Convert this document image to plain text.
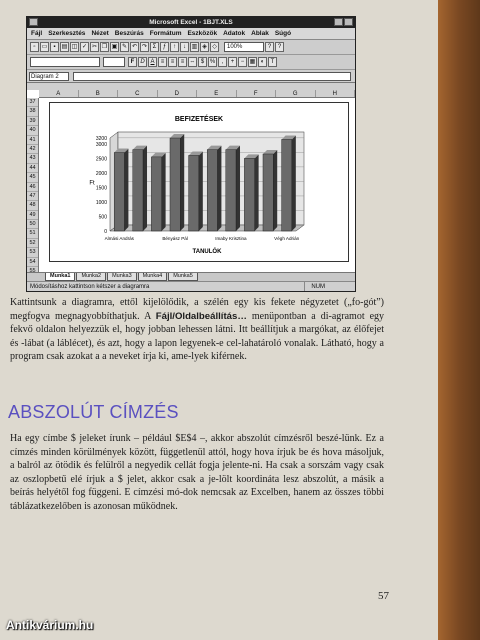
Microsoft Excel - 1BJT.XLS
Fájl Szerkesztés Nézet Beszúrás Formátum Eszközök Adatok Ablak Súgó
▫	▭	▪	▤ ◫ ✓ ✂ ❐ ▣ ✎ ↶ ↷ Σ	ƒ	↑	↓ ▥ ◈ ◇	100%	?	?
F D A	≡	≡	≡ ⇔ $ %	,	+	− ▦ ◐	T
Diagram 2
A	B	C	D	E	F	G	H
37
38
39
40
41
42
43
44
45
46
47
48
49
50
51
52
53
54
BEFIZETÉSEK
0
500
1000
1500
2000
2500
3000
3200
Ft
Almási András	Bényász Pál	Imaby Krisztina	Végh Adrián
TANULÓK
Munka1	Munka2	Munka3	Munka4	Munka5
Módosításhoz kattintson kétszer a diagramra	NUM

Kattintsunk a diagramra, ettől kijelölődik, a szélén egy kis fekete négyzetet („fo-gót”) megfogva megnagyobbíthatjuk. A Fájl/Oldalbeállítás… menüpontban a di-agramot egy fekvő oldalon helyezzük el, hogy jobban lehessen látni. Itt beállítjuk a margókat, az élőfejet és -lábat (a láblécet), és azt, hogy a lapon legyenek-e cel-lahatároló vonalak. Látható, hogy a program csak azokat a a neveket írja ki, ame-lyek kiférnek.

ABSZOLÚT CÍMZÉS

Ha egy címbe $ jeleket írunk – például $E$4 –, akkor abszolút címzésről beszé-lünk. Ez a címzés minden körülmények között, függetlenül attól, hogy hova írjuk be és hova másoljuk, a balról az ötödik és felülről a negyedik cellát fogja jelente-ni. Ha csak a sorszám vagy csak az oszlopbetű elé írjuk a $ jelet, akkor csak a je-lölt koordináta lesz abszolút, a másik a beírás helyétől fog függeni. E címzési mó-dok nemcsak az Excelben, hanem az összes többi táblázatkezelőben is azonosan működnek.

57
Antikvárium.hu
